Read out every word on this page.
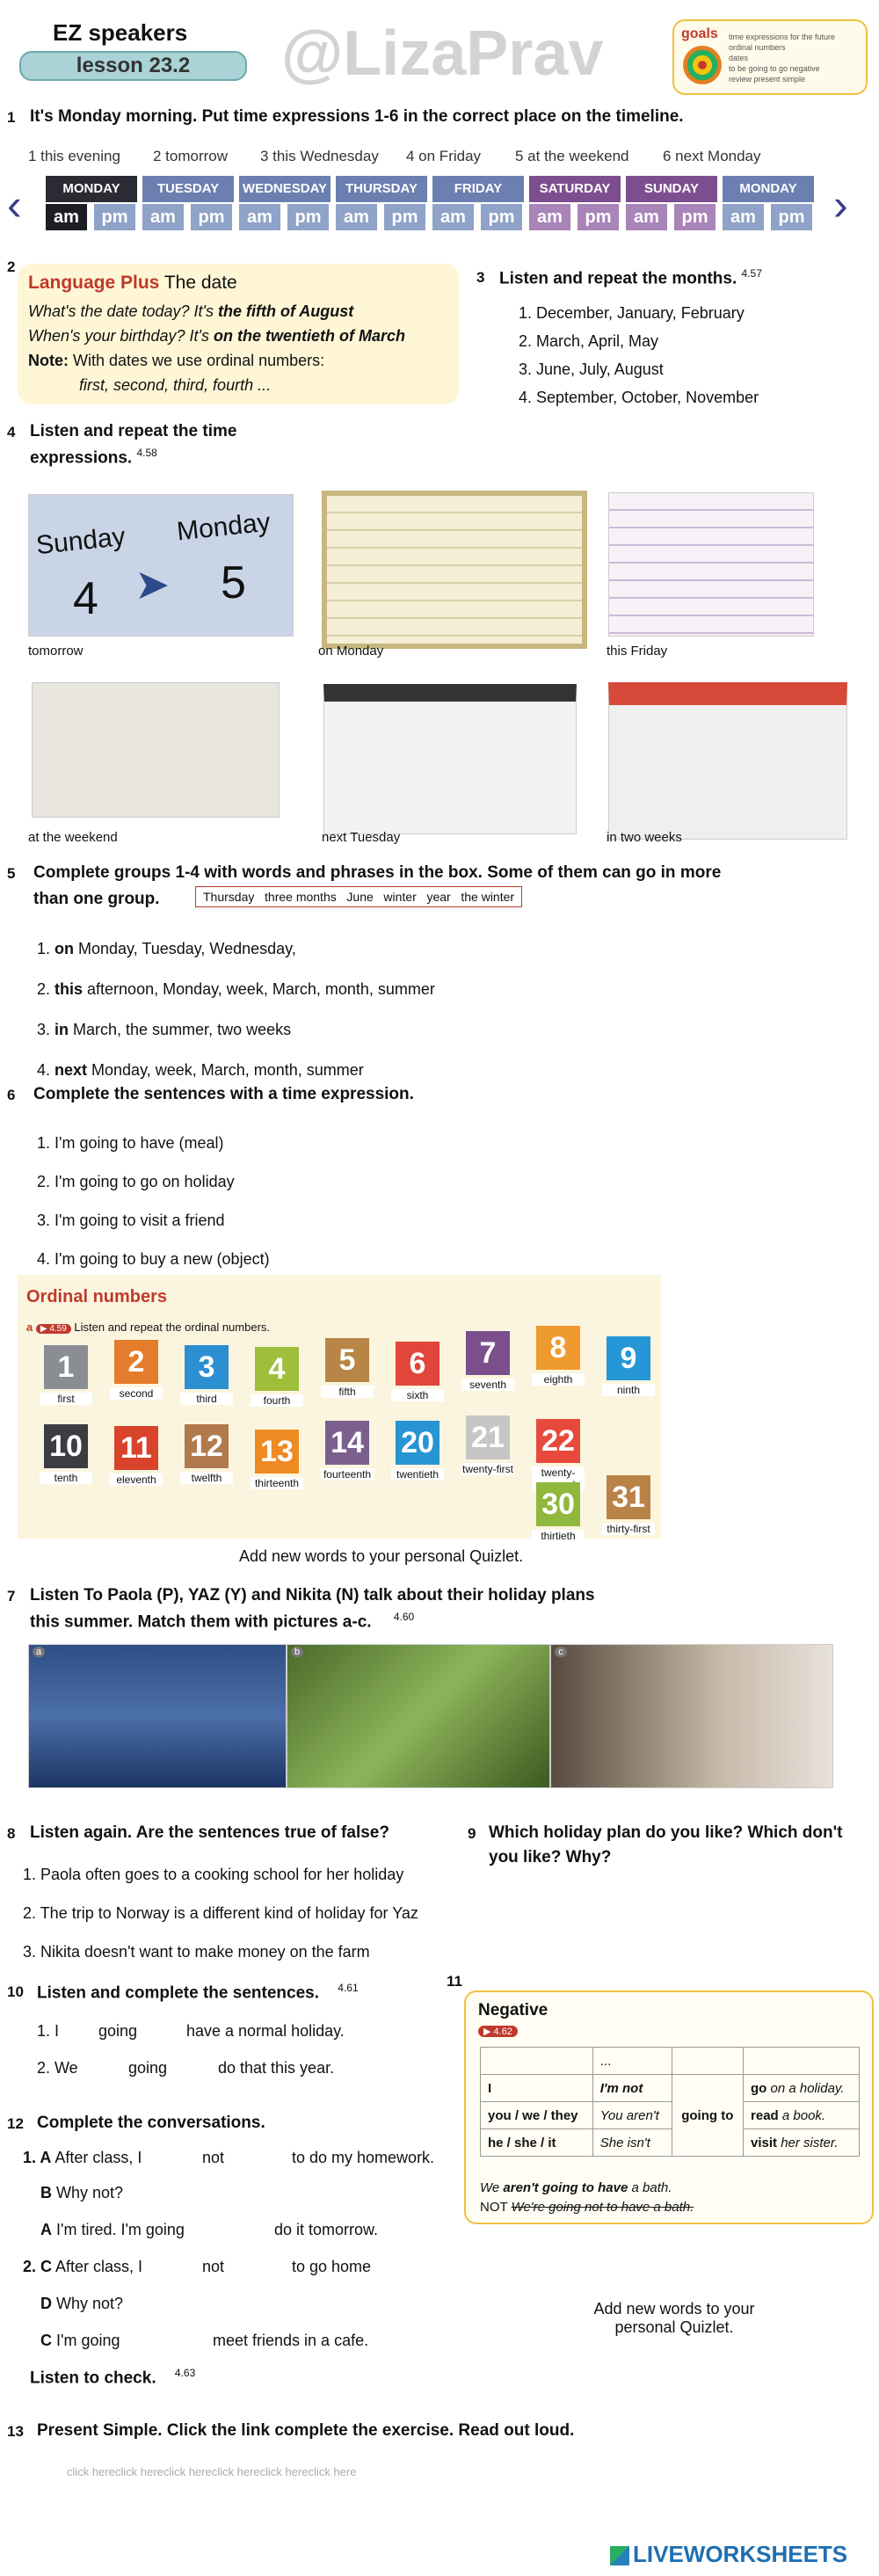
EZ speakers
lesson 23.2	@LizaPrav	goals time expressions for the future
ordinal numbers
dates
to be going to go negative
review present simple
1 It's Monday morning. Put time expressions 1-6 in the correct place on the timeline.
1 this evening 2 tomorrow 3 this Wednesday 4 on Friday 5 at the weekend 6 next Monday
‹	›
MONDAY	TUESDAY	WEDNESDAY	THURSDAY	FRIDAY	SATURDAY	SUNDAY	MONDAY
am	pm	am	pm	am	pm	am	pm	am	pm	am	pm	am	pm	am	pm
2
Language Plus The date
What's the date today? It's the fifth of August
When's your birthday? It's on the twentieth of March
Note: With dates we use ordinal numbers:
first, second, third, fourth ...
3 Listen and repeat the months. $^{4.57}$
1. December, January, February
2. March, April, May
3. June, July, August
4. September, October, November
4 Listen and repeat the time
expressions. $^{4.58}$
Sunday Monday
4	5
➤
tomorrow	on Monday	this Friday
at the weekend	next Tuesday
October
in two weeks
5 Complete groups 1-4 with words and phrases in the box. Some of them can go in more
than one group.	Thursday   three months   June   winter   year   the winter
1. on Monday, Tuesday, Wednesday,
2. this afternoon, Monday, week, March, month, summer
3. in March, the summer, two weeks
4. next Monday, week, March, month, summer
6 Complete the sentences with a time expression.
1. I'm going to have (meal)
2. I'm going to go on holiday
3. I'm going to visit a friend
4. I'm going to buy a new (object)
Ordinal numbers
a ▶ 4.59 Listen and repeat the ordinal numbers.
1
first
2
second
3
third
4
fourth
5
fifth
6
sixth
7
seventh
8
eighth
9
ninth
10
tenth
11
eleventh
12
twelfth
13
thirteenth
14
fourteenth
20
twentieth
21
twenty-first
22
twenty-
30
thirtieth
31
thirty-first
Add new words to your personal Quizlet.
7 Listen To Paola (P), YAZ (Y) and Nikita (N) talk about their holiday plans
this summer. Match them with pictures a-c. $^{4.60}$
a	b	c
8 Listen again. Are the sentences true of false?
1. Paola often goes to a cooking school for her holiday
2. The trip to Norway is a different kind of holiday for Yaz
3. Nikita doesn't want to make money on the farm
9 Which holiday plan do you like? Which don't
you like? Why?
10 Listen and complete the sentences. $^{4.61}$
1. I going	have a normal holiday.
2. We	going	do that this year.
11
Negative
▶ 4.62
	...		
I	I'm not	going to	go on a holiday.
you / we / they	You aren't		read a book.
he / she / it	She isn't		visit her sister.
We aren't going to have a bath.
NOT We're going not to have a bath.
Add new words to your personal Quizlet.
12 Complete the conversations.
1. A After class, I	not	to do my homework.
B Why not?
A I'm tired. I'm going	do it tomorrow.
2. C After class, I	not	to go home
D Why not?
C I'm going	meet friends in a cafe.
Listen to check. $^{4.63}$
13 Present Simple. Click the link complete the exercise. Read out loud.
click hereclick hereclick hereclick hereclick hereclick here
LIVEWORKSHEETS
